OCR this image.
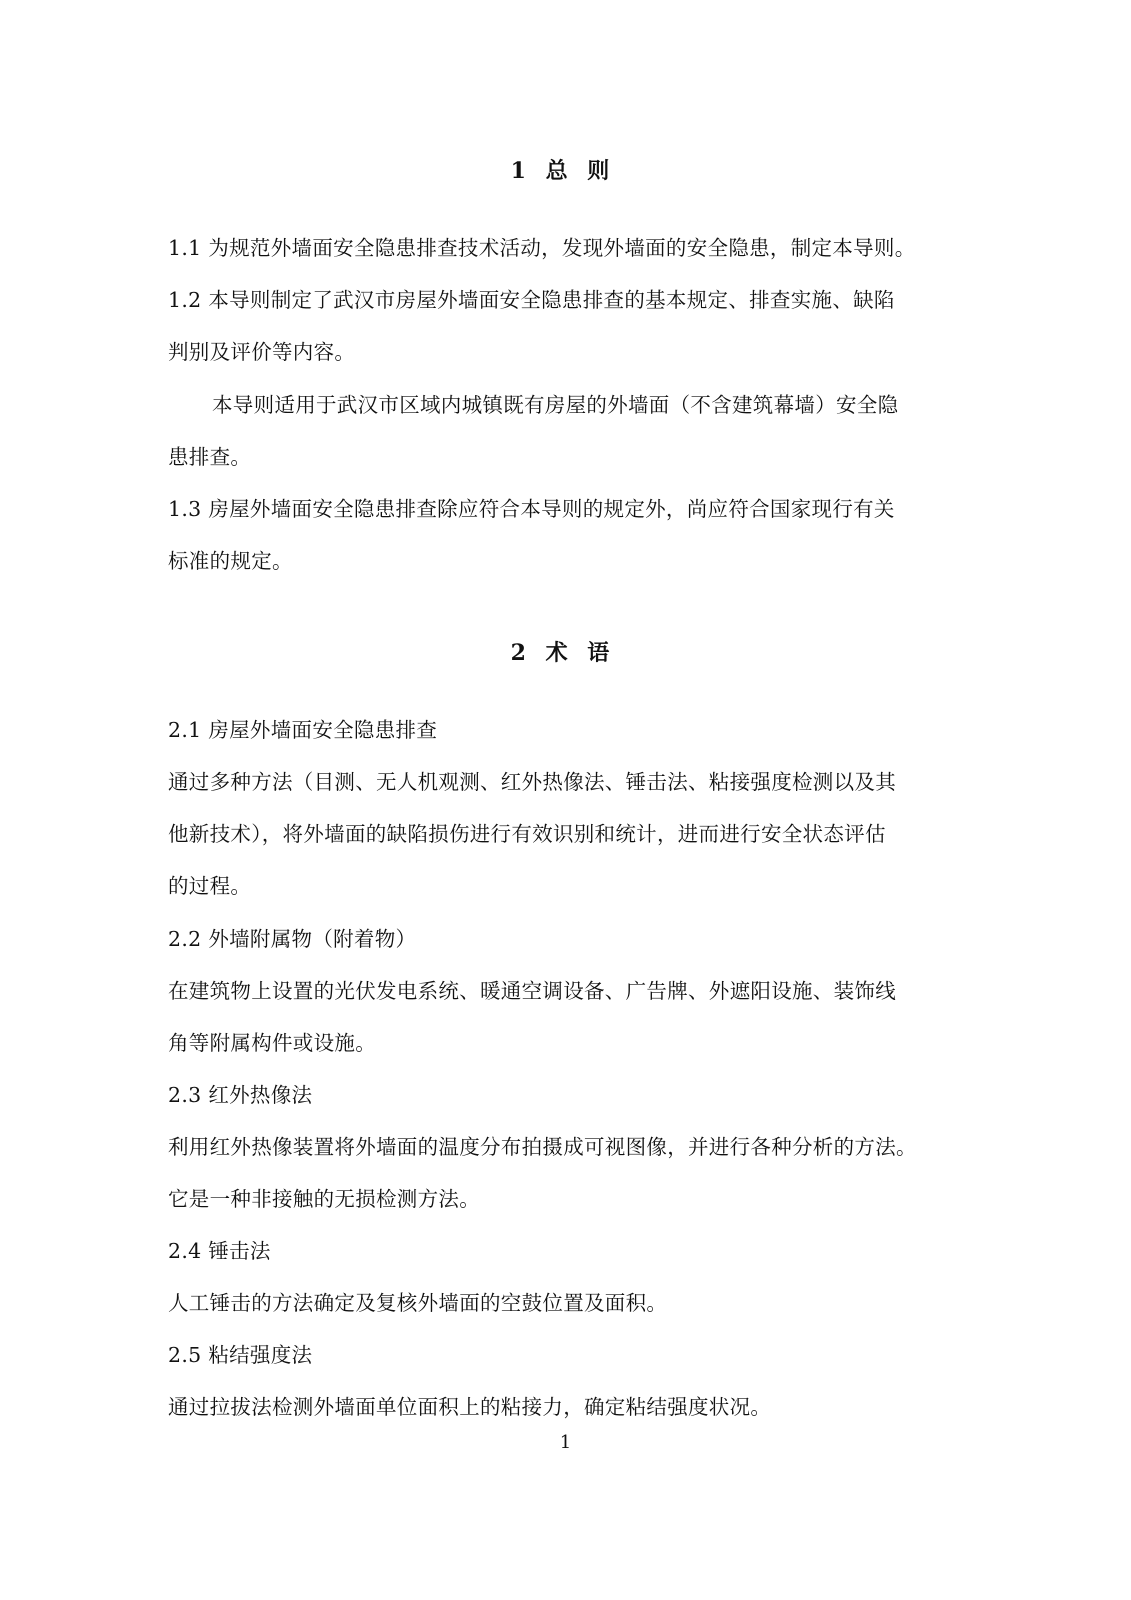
1 总 则
1.1 为规范外墙面安全隐患排查技术活动，发现外墙面的安全隐患，制定本导则。
1.2 本导则制定了武汉市房屋外墙面安全隐患排查的基本规定、排查实施、缺陷
判别及评价等内容。
本导则适用于武汉市区域内城镇既有房屋的外墙面（不含建筑幕墙）安全隐
患排查。
1.3 房屋外墙面安全隐患排查除应符合本导则的规定外，尚应符合国家现行有关
标准的规定。
2 术 语
2.1 房屋外墙面安全隐患排查
通过多种方法（目测、无人机观测、红外热像法、锤击法、粘接强度检测以及其
他新技术），将外墙面的缺陷损伤进行有效识别和统计，进而进行安全状态评估
的过程。
2.2 外墙附属物（附着物）
在建筑物上设置的光伏发电系统、暖通空调设备、广告牌、外遮阳设施、装饰线
角等附属构件或设施。
2.3 红外热像法
利用红外热像装置将外墙面的温度分布拍摄成可视图像，并进行各种分析的方法。
它是一种非接触的无损检测方法。
2.4 锤击法
人工锤击的方法确定及复核外墙面的空鼓位置及面积。
2.5 粘结强度法
通过拉拔法检测外墙面单位面积上的粘接力，确定粘结强度状况。
1
